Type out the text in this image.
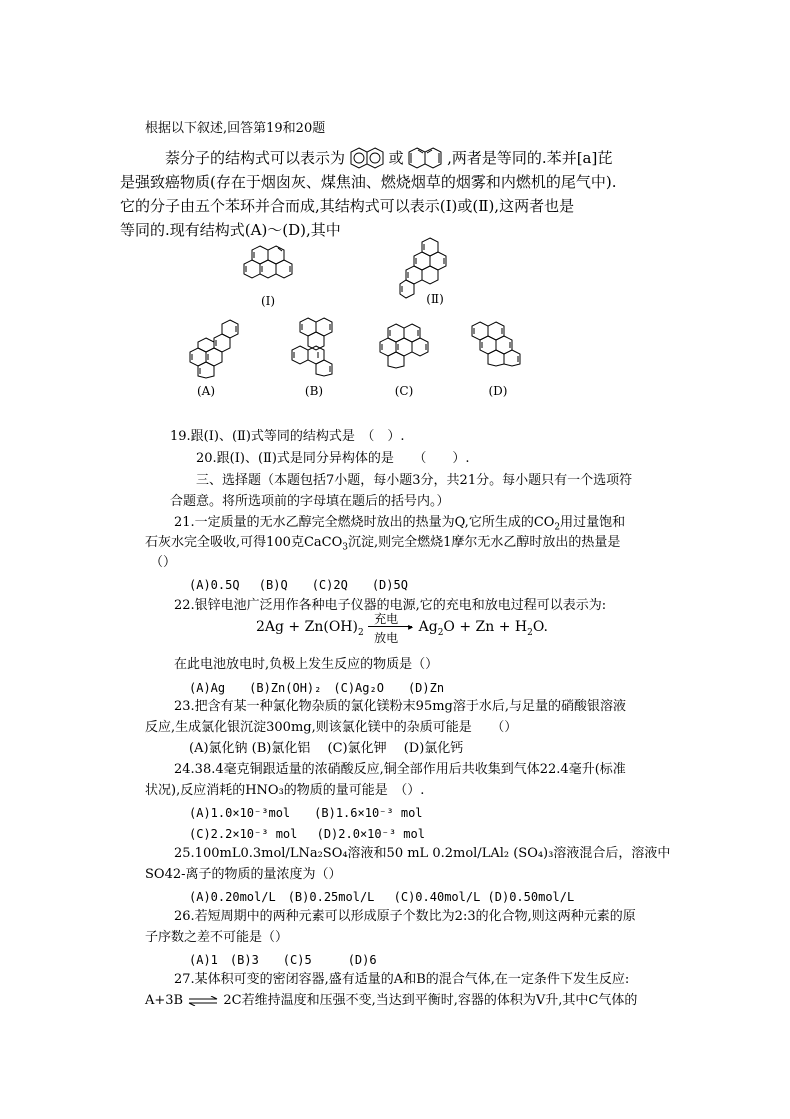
根据以下叙述,回答第19和20题
萘分子的结构式可以表示为	或	,两者是等同的.苯并[a]芘
是强致癌物质(存在于烟囱灰、煤焦油、燃烧烟草的烟雾和内燃机的尾气中).
它的分子由五个苯环并合而成,其结构式可以表示(Ⅰ)或(Ⅱ),这两者也是
等同的.现有结构式(A)～(D),其中
(Ⅰ)	(Ⅱ)
(A)	(B)	(C)	(D)
19.跟(Ⅰ)、(Ⅱ)式等同的结构式是　（　）.
20.跟(Ⅰ)、(Ⅱ)式是同分异构体的是　　（　　）.
三、选择题（本题包括7小题，每小题3分，共21分。每小题只有一个选项符
合题意。将所选项前的字母填在题后的括号内。）
21.一定质量的无水乙醇完全燃烧时放出的热量为Q,它所生成的$CO_2$用过量饱和
石灰水完全吸收,可得100克CaCO$_3$沉淀,则完全燃烧1摩尔无水乙醇时放出的热量是
（）
(A)0.5Q　 (B)Q　　(C)2Q　　(D)5Q
22.银锌电池广泛用作各种电子仪器的电源,它的充电和放电过程可以表示为:
$2Ag + Zn(OH)_2$
充电
▸
放电
$Ag_2O + Zn + H_2O$.
在此电池放电时,负极上发生反应的物质是（）
(A)Ag　　(B)Zn(OH)₂　(C)Ag₂O　　(D)Zn
23.把含有某一种氯化物杂质的氯化镁粉末95mg溶于水后,与足量的硝酸银溶液
反应,生成氯化银沉淀300mg,则该氯化镁中的杂质可能是　　（）
(A)氯化钠 (B)氯化铝　 (C)氯化钾　 (D)氯化钙
24.38.4毫克铜跟适量的浓硝酸反应,铜全部作用后共收集到气体22.4毫升(标准
状况),反应消耗的HNO₃的物质的量可能是　（）.
(A)1.0×10⁻³mol　　(B)1.6×10⁻³ mol
(C)2.2×10⁻³ mol　 (D)2.0×10⁻³ mol
25.100mL0.3mol/LNa₂SO₄溶液和50 mL 0.2mol/LAl₂ (SO₄)₃溶液混合后，溶液中
SO42-离子的物质的量浓度为（）
(A)0.20mol/L　(B)0.25mol/L　 (C)0.40mol/L (D)0.50mol/L
26.若短周期中的两种元素可以形成原子个数比为2:3的化合物,则这两种元素的原
子序数之差不可能是（）
(A)1　(B)3　　(C)5　　　(D)6
27.某体积可变的密闭容器,盛有适量的A和B的混合气体,在一定条件下发生反应:
A+3B ⇌ 2C若维持温度和压强不变,当达到平衡时,容器的体积为V升,其中C气体的
